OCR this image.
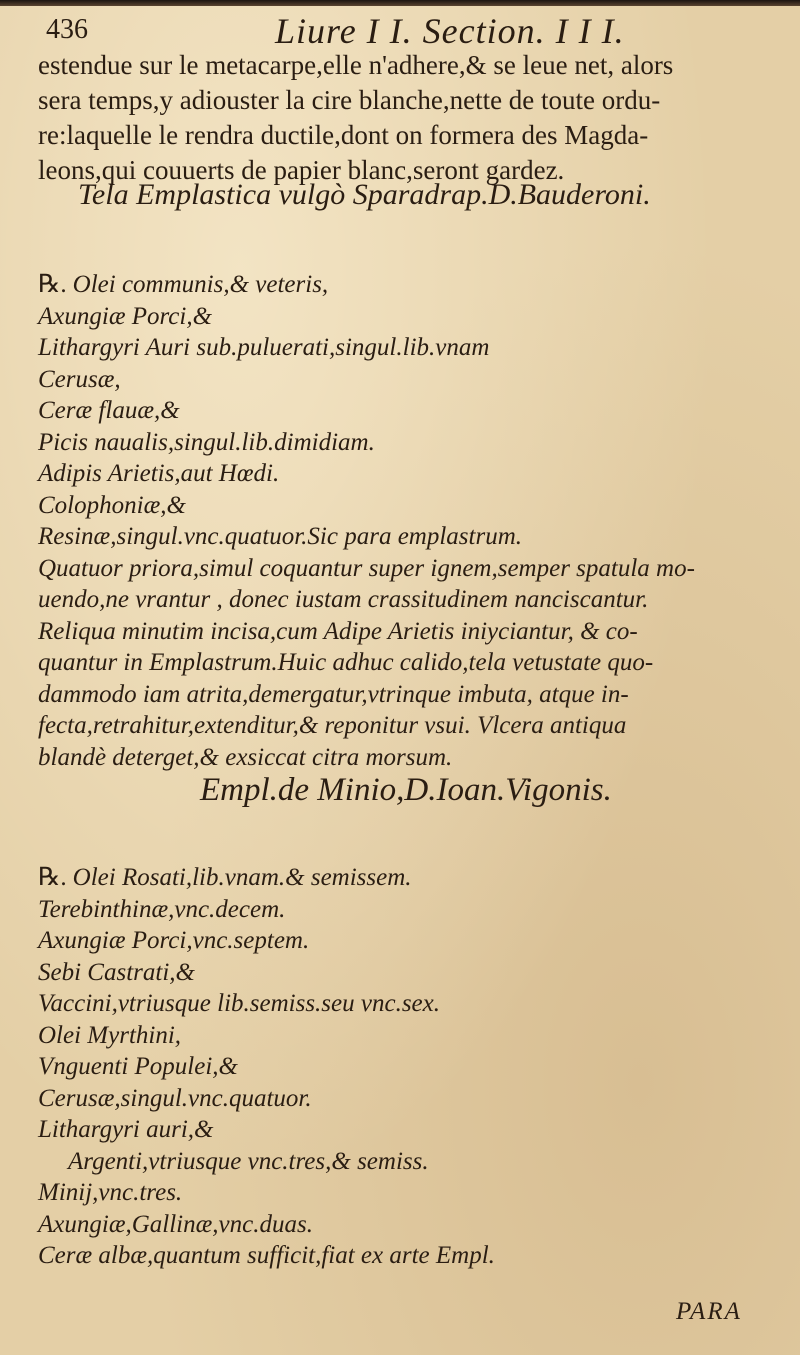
436	Liure I I. Section. I I I.
estendue sur le metacarpe,elle n'adhere,& se leue net, alors
sera temps,y adiouster la cire blanche,nette de toute ordu-
re:laquelle le rendra ductile,dont on formera des Magda-
leons,qui couuerts de papier blanc,seront gardez.
Tela Emplastica vulgò Sparadrap.D.Bauderoni.
℞. Olei communis,& veteris,
Axungiæ Porci,&
Lithargyri Auri sub.puluerati,singul.lib.vnam
Cerusæ,
Ceræ flauæ,&
Picis naualis,singul.lib.dimidiam.
Adipis Arietis,aut Hœdi.
Colophoniæ,&
Resinæ,singul.vnc.quatuor.Sic para emplastrum.
Quatuor priora,simul coquantur super ignem,semper spatula mo-
uendo,ne vrantur , donec iustam crassitudinem nanciscantur.
Reliqua minutim incisa,cum Adipe Arietis iniyciantur, & co-
quantur in Emplastrum.Huic adhuc calido,tela vetustate quo-
dammodo iam atrita,demergatur,vtrinque imbuta, atque in-
fecta,retrahitur,extenditur,& reponitur vsui. Vlcera antiqua
blandè deterget,& exsiccat citra morsum.
Empl.de Minio,D.Ioan.Vigonis.
℞. Olei Rosati,lib.vnam.& semissem.
Terebinthinæ,vnc.decem.
Axungiæ Porci,vnc.septem.
Sebi Castrati,&
Vaccini,vtriusque lib.semiss.seu vnc.sex.
Olei Myrthini,
Vnguenti Populei,&
Cerusæ,singul.vnc.quatuor.
Lithargyri auri,&
Argenti,vtriusque vnc.tres,& semiss.
Minij,vnc.tres.
Axungiæ,Gallinæ,vnc.duas.
Ceræ albæ,quantum sufficit,fiat ex arte Empl.
PARA
